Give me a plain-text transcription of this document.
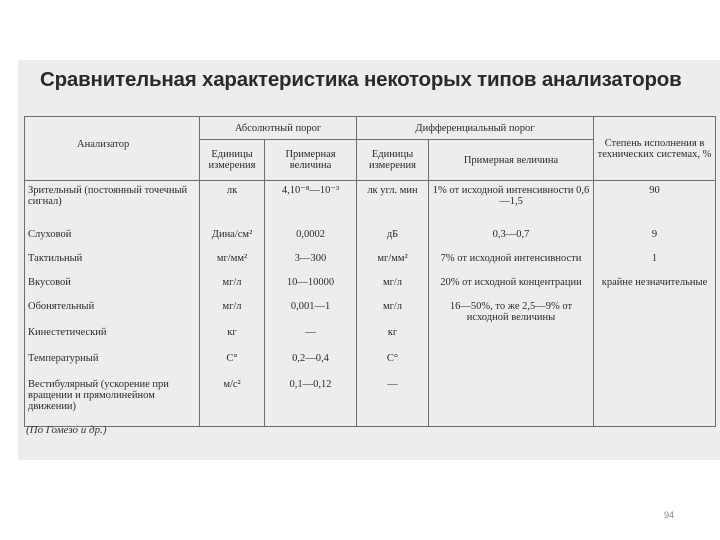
Сравнительная характеристика некоторых типов анализаторов
Анализатор	Абсолютный порог		Дифференциальный порог		Степень исполнения в технических системах, %
	Единицы измерения	Примерная величина	Единицы измерения	Примерная величина	
Зрительный (постоянный точечный сигнал)	лк	4,10⁻⁸—10⁻³	лк угл. мин	1% от исходной интенсивности 0,6—1,5	90
Слуховой	Дина/см²	0,0002	дБ	0,3—0,7	9
Тактильный	мг/мм²	3—300	мг/мм²	7% от исходной интенсивности	1
Вкусовой	мг/л	10—10000	мг/л	20% от исходной концентрации	крайне незначительные
Обонятельный	мг/л	0,001—1	мг/л	16—50%, то же 2,5—9% от исходной величины	
Кинестетический	кг	—	кг		
Температурный	С°	0,2—0,4	С°		
Вестибулярный (ускорение при вращении и прямолинейном движении)	м/с²	0,1—0,12	—		
(По Гомезо и др.)
94
